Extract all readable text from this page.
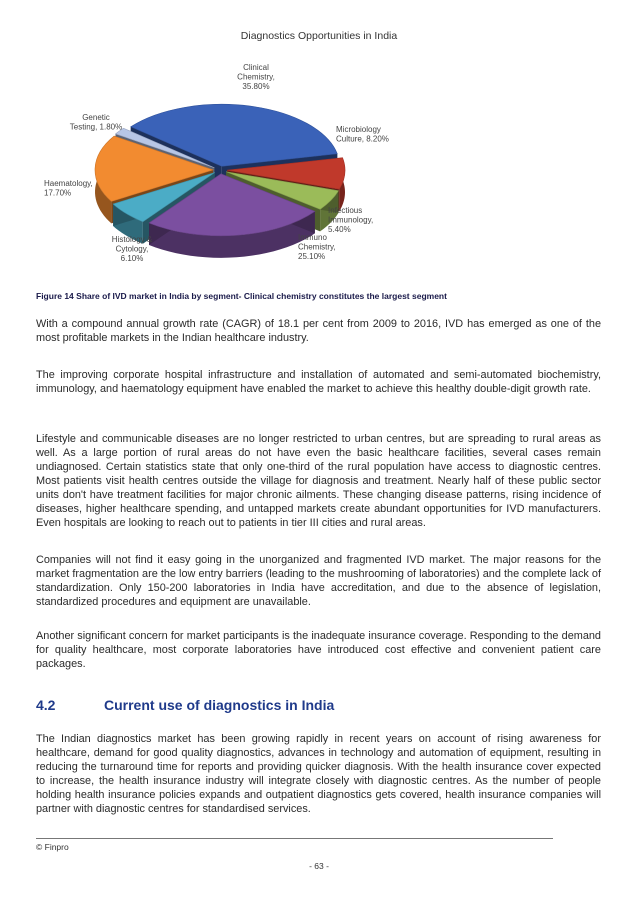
Diagnostics Opportunities in India
Clinical Chemistry, 35.80%
Microbiology Culture, 8.20%
Infectious Immunology, 5.40%
Immuno Chemistry, 25.10%
Histology & Cytology, 6.10%
Haematology, 17.70%
Genetic Testing, 1.80%
Figure 14 Share of IVD market in India by segment- Clinical chemistry constitutes the largest segment

With a compound annual growth rate (CAGR) of 18.1 per cent from 2009 to 2016, IVD has emerged as one of the most profitable markets in the Indian healthcare industry.

The improving corporate hospital infrastructure and installation of automated and semi-automated biochemistry, immunology, and haematology equipment have enabled the market to achieve this healthy double-digit growth rate.

Lifestyle and communicable diseases are no longer restricted to urban centres, but are spreading to rural areas as well. As a large portion of rural areas do not have even the basic healthcare facilities, several cases remain undiagnosed. Certain statistics state that only one-third of the rural population have access to diagnostic centres. Most patients visit health centres outside the village for diagnosis and treatment. Nearly half of these public sector units don't have treatment facilities for major chronic ailments. These changing disease patterns, rising incidence of diseases, higher healthcare spending, and untapped markets create abundant opportunities for IVD manufacturers. Even hospitals are looking to reach out to patients in tier III cities and rural areas.

Companies will not find it easy going in the unorganized and fragmented IVD market. The major reasons for the market fragmentation are the low entry barriers (leading to the mushrooming of laboratories) and the complete lack of standardization. Only 150-200 laboratories in India have accreditation, and due to the absence of legislation, standardized procedures and equipment are unavailable.

Another significant concern for market participants is the inadequate insurance coverage. Responding to the demand for quality healthcare, most corporate laboratories have introduced cost effective and convenient patient care packages.

4.2	Current use of diagnostics in India

The Indian diagnostics market has been growing rapidly in recent years on account of rising awareness for healthcare, demand for good quality diagnostics, advances in technology and automation of equipment, resulting in reducing the turnaround time for reports and providing quicker diagnosis. With the health insurance cover expected to increase, the health insurance industry will integrate closely with diagnostic centres. As the number of people holding health insurance policies expands and outpatient diagnostics gets covered, health insurance companies will partner with diagnostic centres for standardised services.

© Finpro
- 63 -
